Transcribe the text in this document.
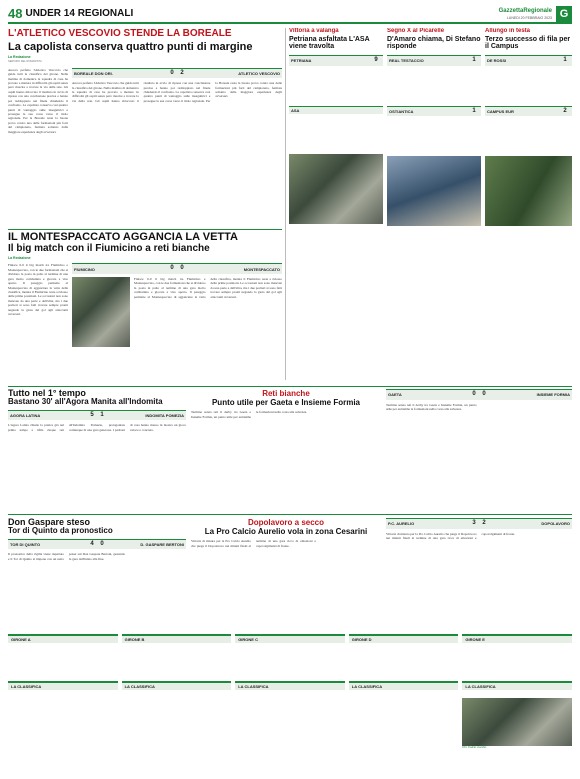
48 UNDER 14 REGIONALI	GazzettaRegionale
LUNEDI 20 FEBBRAIO 2023 G
L'ATLETICO VESCOVIO STENDE LA BOREALE
La capolista conserva quattro punti di margine
La Redazione
SERVIZIO DEL ROMANISTA
Ancora perfetto l'Atletico Vescovio che guida tutti la classifica del girone. Nella mattina di domenica la squadra di casa ha provato a mettere in difficoltà gli ospiti senza però riuscire a trovare la via della rete. Gli ospiti hanno sbloccato il risultato in avvio di ripresa con una conclusione precisa e hanno poi raddoppiato nel finale chiudendo il confronto. La capolista conserva così quattro punti di vantaggio sulle inseguitrici e prosegue la sua corsa verso il titolo regionale. Per la Boreale resta la buona prova contro una delle formazioni più forti del campionato, fermata soltanto dalla maggiore esperienza degli avversari.
BOREALE DON ORI.	0	2	ATLETICO VESCOVIO
Ancora perfetto l'Atletico Vescovio che guida tutti la classifica del girone. Nella mattina di domenica la squadra di casa ha provato a mettere in difficoltà gli ospiti senza però riuscire a trovare la via della rete. Gli ospiti hanno sbloccato il risultato in avvio di ripresa con una conclusione precisa e hanno poi raddoppiato nel finale chiudendo il confronto. La capolista conserva così quattro punti di vantaggio sulle inseguitrici e prosegue la sua corsa verso il titolo regionale. Per la Boreale resta la buona prova contro una delle formazioni più forti del campionato, fermata soltanto dalla maggiore esperienza degli avversari.
Vittoria a valanga
Petriana asfaltata L'ASA viene travolta
PETRIANA	9
ASA
Segno X al Picarelle
D'Amaro chiama, Di Stefano risponde
REAL TESTACCIO	1
OSTIANTICA	1
Allungo in testa
Terzo successo di fila per il Campus
DE ROSSI	1
CAMPUS EUR	2
IL MONTESPACCATO AGGANCIA LA VETTA
Il big match con il Fiumicino a reti bianche
La Redazione
Finisce 0-0 il big match tra Fiumicino e Montespaccato, con le due formazioni che si dividono la posta in palio al termine di una gara molto combattuta e giocata a viso aperto. Il pareggio permette al Montespaccato di agganciare la vetta della classifica, mentre il Fiumicino resta a ridosso delle prime posizioni. Le occasioni non sono mancate da una parte e dall'altra, ma i due portieri si sono fatti trovare sempre pronti negando la gioia del gol agli attaccanti avversari.
FIUMICINO	0	0	MONTESPACCATO
Finisce 0-0 il big match tra Fiumicino e Montespaccato, con le due formazioni che si dividono la posta in palio al termine di una gara molto combattuta e giocata a viso aperto. Il pareggio permette al Montespaccato di agganciare la vetta della classifica, mentre il Fiumicino resta a ridosso delle prime posizioni. Le occasioni non sono mancate da una parte e dall'altra, ma i due portieri si sono fatti trovare sempre pronti negando la gioia del gol agli attaccanti avversari.
Tutto nel 1° tempo
Bastano 30' all'Agora Manita all'Indomita
AGORA LATINA	5	1	INDOMITA POMEZIA
L'Agora Latina chiude la pratica già nel primo tempo e rifila cinque reti all'Indomita Pomezia, protagonista comunque di una gara generosa. I padroni di casa hanno messo in mostra un gioco veloce e concreto.
Reti bianche
Punto utile per Gaeta e Insieme Formia
Termina senza reti il derby tra Gaeta e Insieme Formia, un punto utile per entrambe le formazioni nella corsa alla salvezza.
GAETA	0	0	INSIEME FORMIA
Termina senza reti il derby tra Gaeta e Insieme Formia, un punto utile per entrambe le formazioni nella corsa alla salvezza.
Don Gaspare steso
Tor di Quinto da pronostico
TOR DI QUINTO	4	0	D. GASPARE BERTONI
Il pronostico della vigilia viene rispettato e il Tor di Quinto si impone con un netto poker sul Don Gaspare Bertoni, gestendo la gara dall'inizio alla fine.
Dopolavoro a secco
La Pro Calcio Aurelio vola in zona Cesarini
Vittoria di misura per la Pro Calcio Aurelio che piega il Dopolavoro nei minuti finali al termine di una gara ricca di emozioni e capovolgimenti di fronte.
P.C. AURELIO	3	2	DOPOLAVORO
Vittoria di misura per la Pro Calcio Aurelio che piega il Dopolavoro nei minuti finali al termine di una gara ricca di emozioni e capovolgimenti di fronte.
GIRONE A
LA CLASSIFICA
GIRONE B
LA CLASSIFICA
GIRONE C
LA CLASSIFICA
GIRONE D
LA CLASSIFICA
GIRONE E
LA CLASSIFICA
Pro Calcio Aurelio
